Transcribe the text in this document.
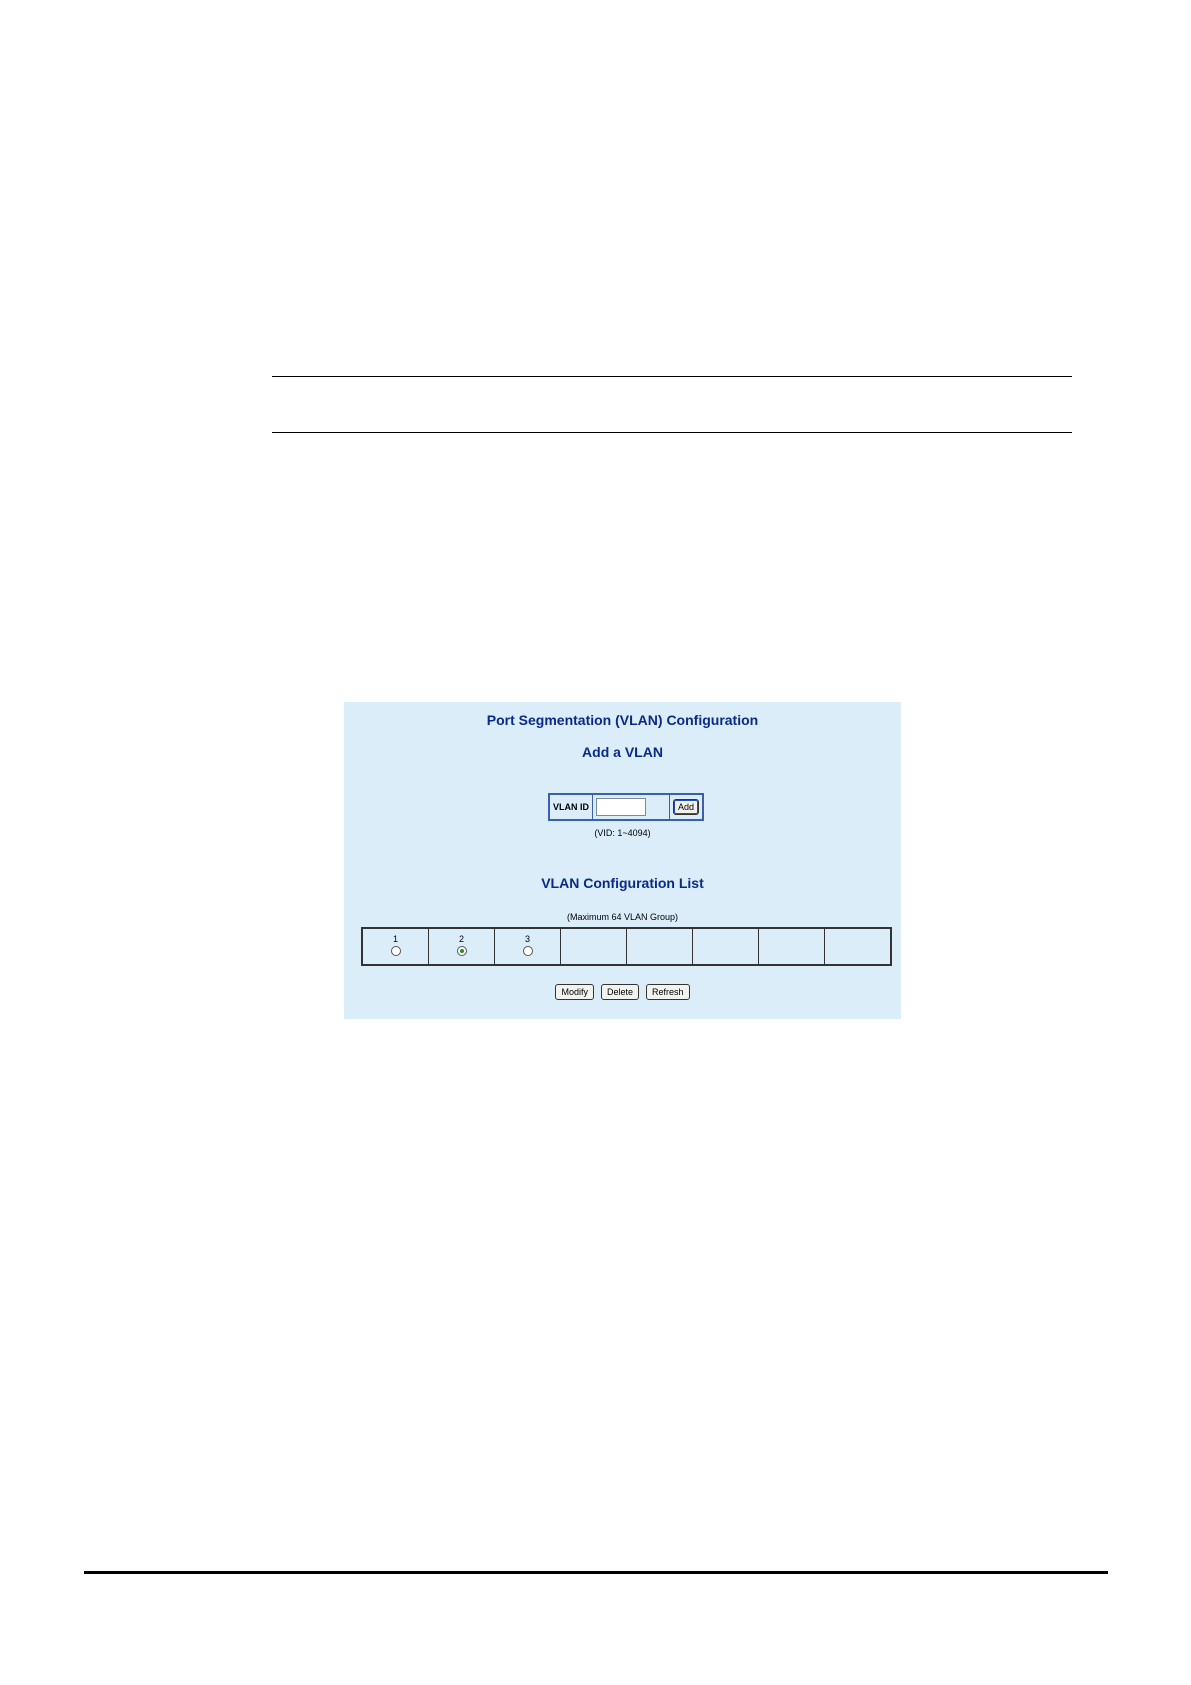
Port Segmentation (VLAN) Configuration
Add a VLAN
VLAN ID	Add
(VID: 1~4094)
VLAN Configuration List
(Maximum 64 VLAN Group)
1	2	3
Modify	Delete	Refresh
